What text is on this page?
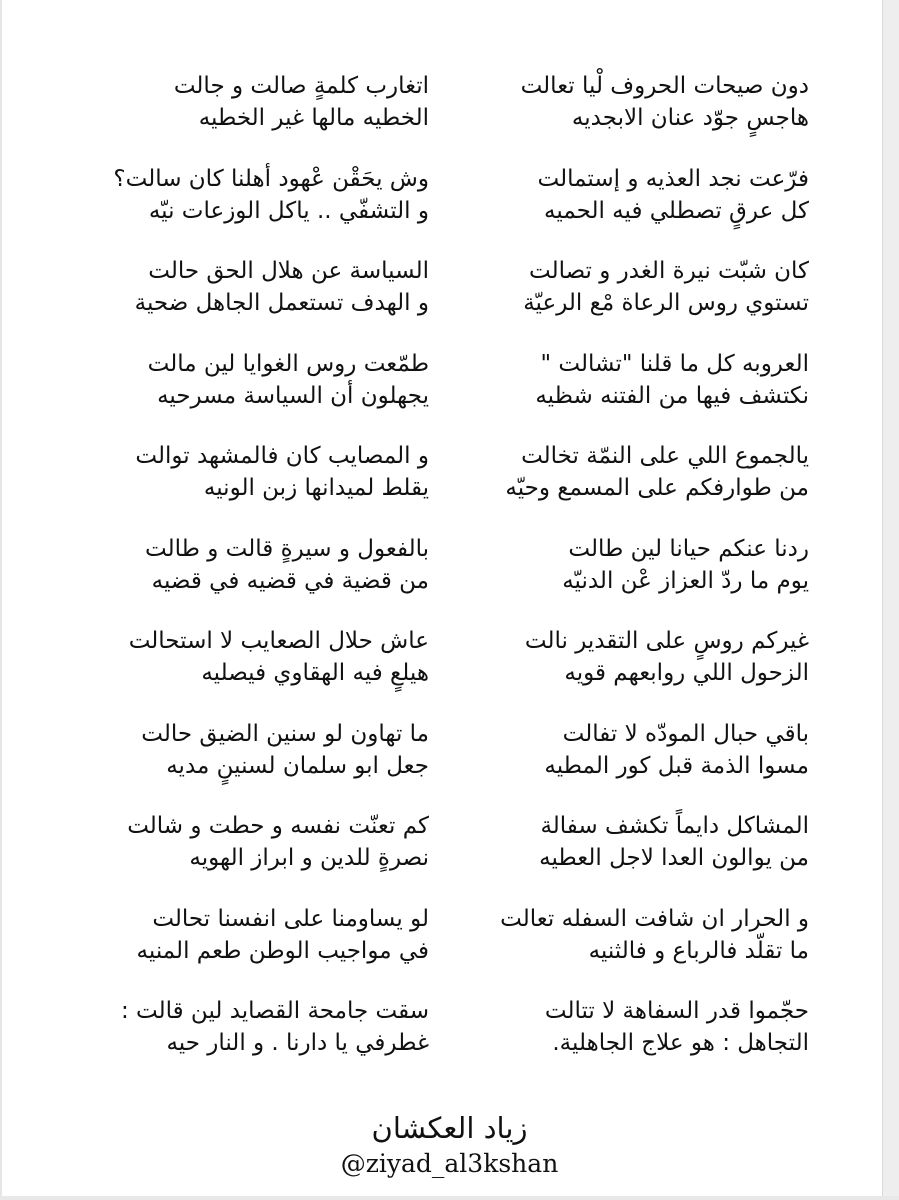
دون صيحات الحروف لْيا تعالت
هاجسٍ جوّد عنان الابجديه
فرّعت نجد العذيه و إستمالت
كل عرقٍ تصطلي فيه الحميه
كان شبّت نيرة الغدر و تصالت
تستوي روس الرعاة مْع الرعيّة
العروبه كل ما قلنا "تشالت "
نكتشف فيها من الفتنه شظيه
يالجموع اللي على النمّة تخالت
من طوارفكم على المسمع وحيّه
ردنا عنكم حيانا لين طالت
يوم ما ردّ العزاز عْن الدنيّه
غيركم روسٍ على التقدير نالت
الزحول اللي روابعهم قويه
باقي حبال المودّه لا تفالت
مسوا الذمة قبل كور المطيه
المشاكل دايماً تكشف سفالة
من يوالون العدا لاجل العطيه
و الحرار ان شافت السفله تعالت
ما تقلّد فالرباع و فالثنيه
حجّموا قدر السفاهة لا تتالت
التجاهل : هو علاج الجاهلية.
اتغارب كلمةٍ صالت و جالت
الخطيه مالها غير الخطيه
وش يحَقْن عْهود أهلنا كان سالت؟
و التشفّي .. ياكل الوزعات نيّه
السياسة عن هلال الحق حالت
و الهدف تستعمل الجاهل ضحية
طمّعت روس الغوايا لين مالت
يجهلون أن السياسة مسرحيه
و المصايب كان فالمشهد توالت
يقلط لميدانها زبن الونيه
بالفعول و سيرةٍ قالت و طالت
من قضية في قضيه في قضيه
عاش حلال الصعايب لا استحالت
هيلعٍ فيه الهقاوي فيصليه
ما تهاون لو سنين الضيق حالت
جعل ابو سلمان لسنينٍ مديه
كم تعنّت نفسه و حطت و شالت
نصرةٍ للدين و ابراز الهويه
لو يساومنا على انفسنا تحالت
في مواجيب الوطن طعم المنيه
سقت جامحة القصايد لين قالت :
غطرفي يا دارنا . و النار حيه
زياد العكشان
@ziyad_al3kshan
